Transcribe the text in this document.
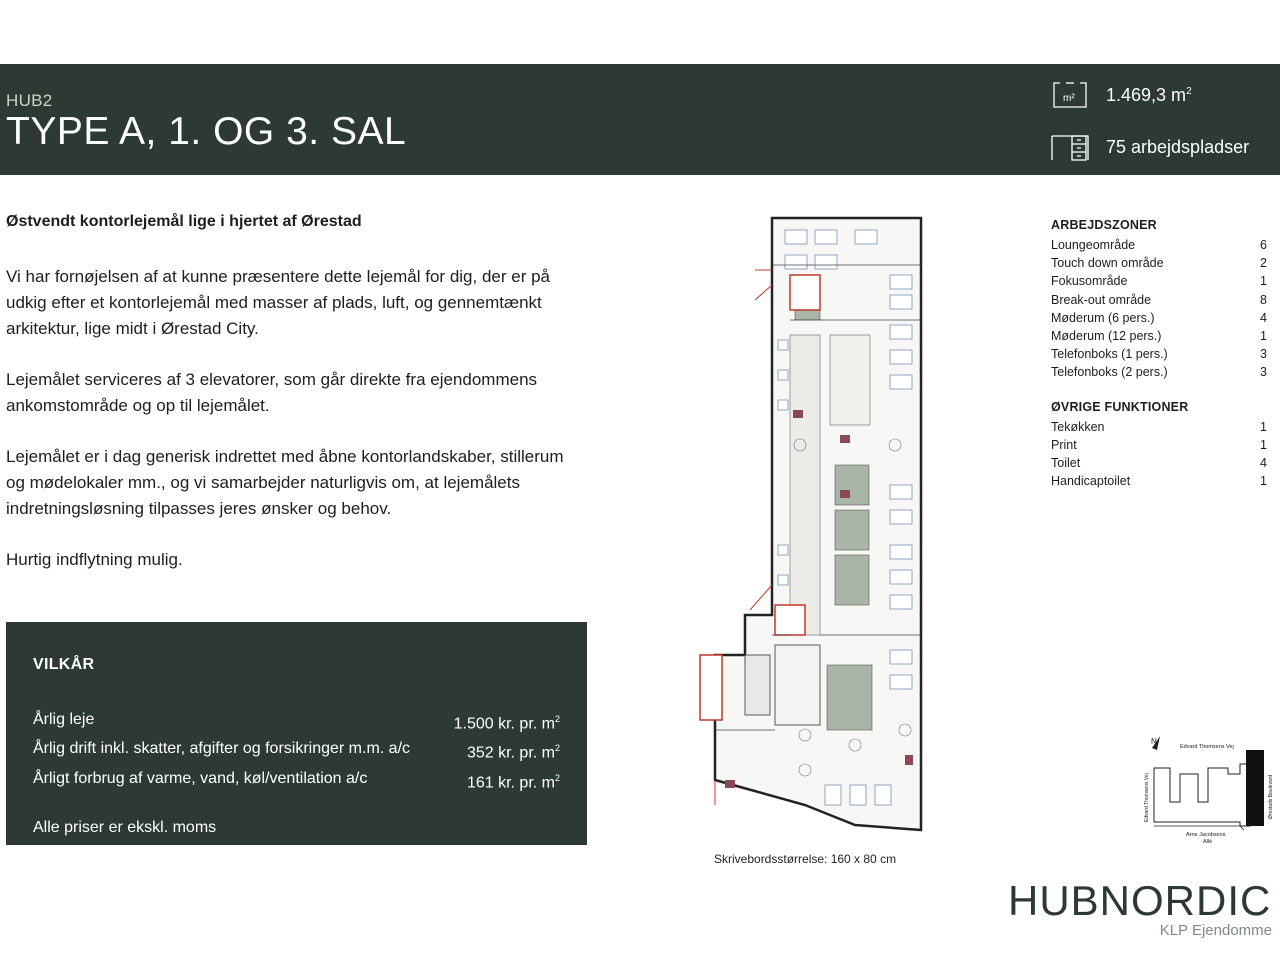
HUB2
TYPE A, 1. OG 3. SAL
m² 1.469,3 $m^2$
75 arbejdspladser
Østvendt kontorlejemål lige i hjertet af Ørestad

Vi har fornøjelsen af at kunne præsentere dette lejemål for dig, der er på udkig efter et kontorlejemål med masser af plads, luft, og gennemtænkt arkitektur, lige midt i Ørestad City.

Lejemålet serviceres af 3 elevatorer, som går direkte fra ejendommens ankomstområde og op til lejemålet.

Lejemålet er i dag generisk indrettet med åbne kontorlandskaber, stillerum og mødelokaler mm., og vi samarbejder naturligvis om, at lejemålets indretningsløsning tilpasses jeres ønsker og behov.

Hurtig indflytning mulig.

VILKÅR
Årlig leje	1.500 kr. pr. $m^2$
Årlig drift inkl. skatter, afgifter og forsikringer m.m. a/c	352 kr. pr. $m^2$
Årligt forbrug af varme, vand, køl/ventilation a/c	161 kr. pr. $m^2$
Alle priser er ekskl. moms
Skrivebordsstørrelse: 160 x 80 cm
ARBEJDSZONER
Loungeområde	6
Touch down område	2
Fokusområde	1
Break-out område	8
Møderum (6 pers.)	4
Møderum (12 pers.)	1
Telefonboks (1 pers.)	3
Telefonboks (2 pers.)	3
ØVRIGE FUNKTIONER
Tekøkken	1
Print	1
Toilet	4
Handicaptoilet	1
N
Edvard Thomsens Vej
Edvard Thomsens Vej	Ørestads Boulevard
Arne Jacobsens
Allé
HUBNORDIC
KLP Ejendomme
